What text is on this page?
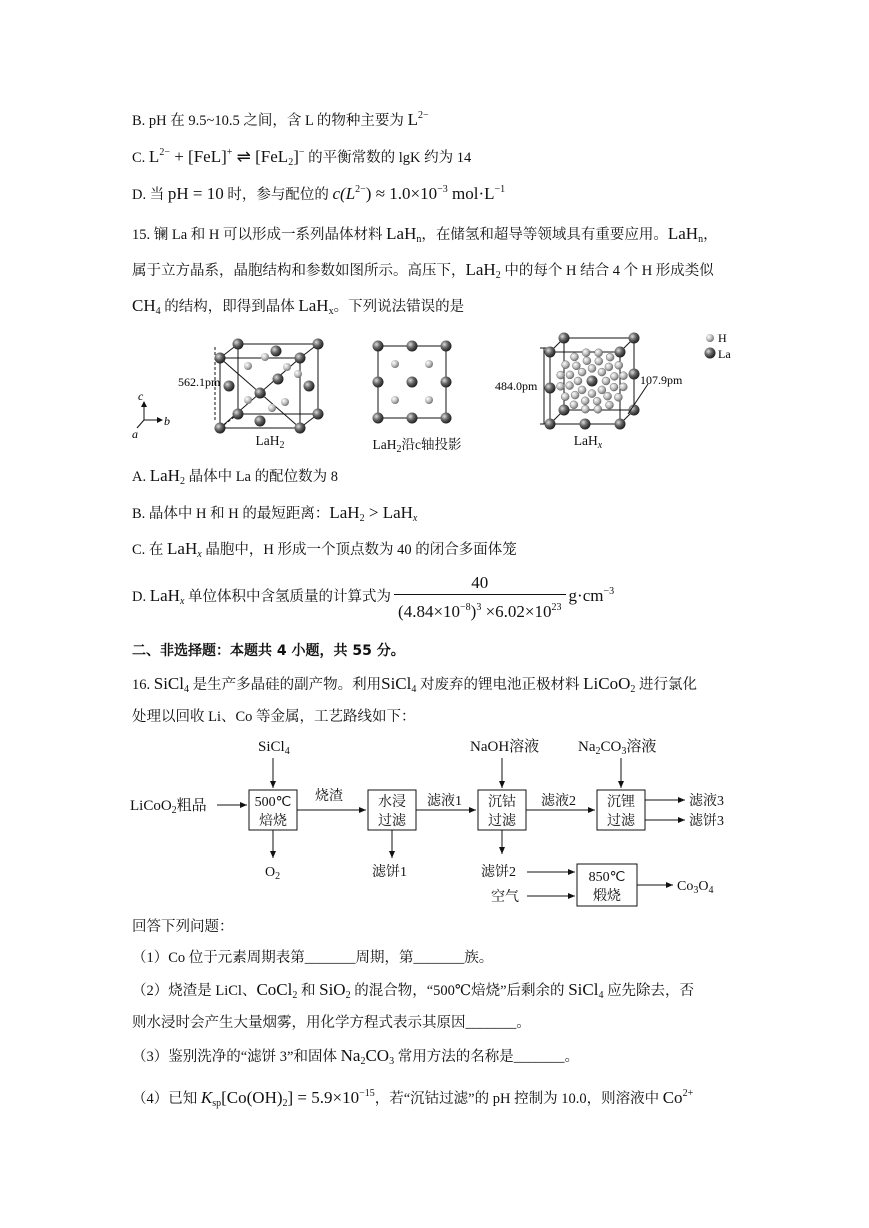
B. pH 在 9.5~10.5 之间，含 L 的物种主要为 $L^{2-}$
C. $L^{2-} + [FeL]^+$ ⇌ [FeL$_2$]− 的平衡常数的 lgK 约为 14
D. 当 pH = 10 时，参与配位的 $c(L^{2-}) \approx 1.0\times 10^{-3}$ $mol\cdot L^{-1}$
15. 镧 La 和 H 可以形成一系列晶体材料 LaH$_n$，在储氢和超导等领域具有重要应用。LaH$_n$，
属于立方晶系，晶胞结构和参数如图所示。高压下，LaH$_2$ 中的每个 H 结合 4 个 H 形成类似
$CH_4$ 的结构，即得到晶体 LaH$_x$。下列说法错误的是
562.1pm
c
b
a
484.0pm	107.9pm
H
La
LaH$_2$	LaH$_2$沿c轴投影	LaH$_x$
A. LaH$_2$ 晶体中 La 的配位数为 8
B. 晶体中 H 和 H 的最短距离：LaH$_2$ > LaH$_x$
C. 在 LaH$_x$ 晶胞中，H 形成一个顶点数为 40 的闭合多面体笼
D. LaH$_x$ 单位体积中含氢质量的计算式为 $\frac{40}{(4.84\times 10^{-8})^3 \times 6.02\times 10^{23}} g\cdot cm^{-3}$
二、非选择题：本题共 4 小题，共 55 分。
16. SiCl$_4$ 是生产多晶硅的副产物。利用SiCl$_4$ 对废弃的锂电池正极材料 LiCoO$_2$ 进行氯化
处理以回收 Li、Co 等金属，工艺路线如下：
SiCl$_4$	NaOH溶液	$Na_2CO_3$溶液
LiCoO$_2$粗品	500℃
焙烧
水浸
过滤
沉钴
过滤
沉锂
过滤
850℃
煅烧
烧渣	滤液1	滤液2	滤液3
滤饼3
$O_2$	滤饼1	滤饼2
空气
$Co_3O_4$
回答下列问题：
（1）Co 位于元素周期表第_______周期，第_______族。
（2）烧渣是 LiCl、CoCl$_2$ 和 SiO$_2$ 的混合物，“500℃焙烧”后剩余的 SiCl$_4$ 应先除去，否
则水浸时会产生大量烟雾，用化学方程式表示其原因_______。
（3）鉴别洗净的“滤饼 3”和固体 $Na_2CO_3$ 常用方法的名称是_______。
（4）已知 $K_{sp}[Co(OH)_2] = 5.9\times 10^{-15}$，若“沉钴过滤”的 pH 控制为 10.0，则溶液中 $Co^{2+}$
